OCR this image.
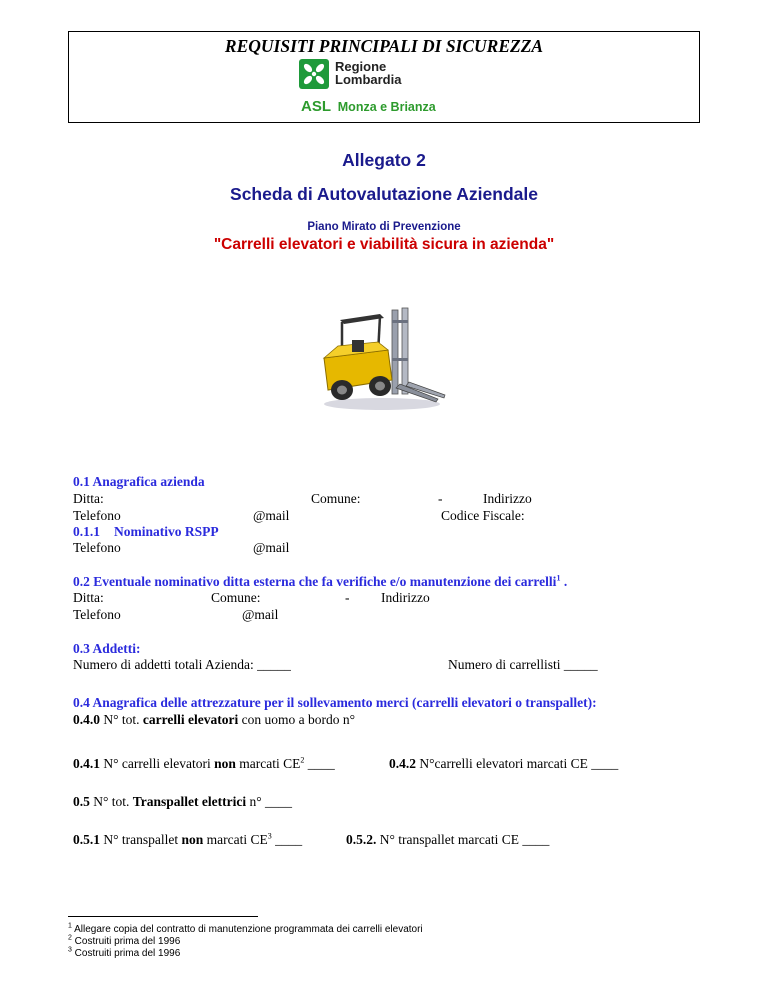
REQUISITI PRINCIPALI DI SICUREZZA
Regione
Lombardia
ASL Monza e Brianza
Allegato 2
Scheda di Autovalutazione Aziendale
Piano Mirato di Prevenzione
"Carrelli elevatori e viabilità sicura in azienda"
0.1 Anagrafica azienda
Ditta:	Comune:	-	Indirizzo
Telefono	@mail	Codice Fiscale:
0.1.1 Nominativo RSPP
Telefono	@mail
0.2 Eventuale nominativo ditta esterna che fa verifiche e/o manutenzione dei carrelli$^1$ .
Ditta:	Comune:	- Indirizzo
Telefono	@mail
0.3 Addetti:
Numero di addetti totali Azienda: _____	Numero di carrellisti _____
0.4 Anagrafica delle attrezzature per il sollevamento merci (carrelli elevatori o transpallet):
0.4.0 N° tot. carrelli elevatori con uomo a bordo n°
0.4.1 N° carrelli elevatori non marcati $CE^2$ ____	0.4.2 N°carrelli elevatori marcati CE ____
0.5 N° tot. Transpallet elettrici n° ____
0.5.1 N° transpallet non marcati $CE^3$ ____	0.5.2. N° transpallet marcati CE ____
$^1$ Allegare copia del contratto di manutenzione programmata dei carrelli elevatori
$^2$ Costruiti prima del 1996
$^3$ Costruiti prima del 1996
